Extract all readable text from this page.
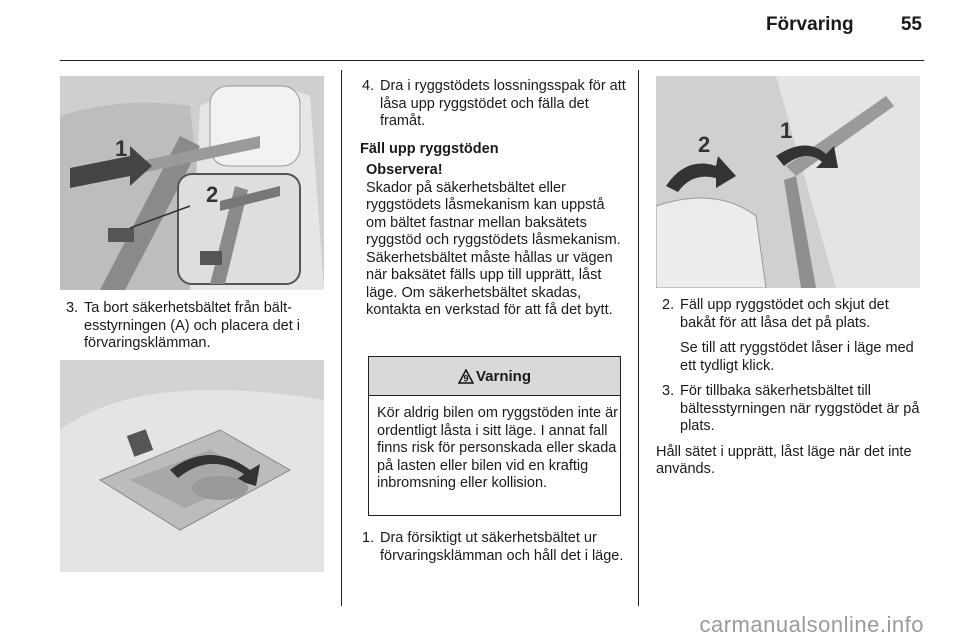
Förvaring 55
1
2
3. Ta bort säkerhetsbältet från bältesstyrningen (A) och placera det i förvaringsklämman.
4. Dra i ryggstödets lossningsspak för att låsa upp ryggstödet och fälla det framåt.
Fäll upp ryggstöden
Observera!
Skador på säkerhetsbältet eller ryggstödets låsmekanism kan uppstå om bältet fastnar mellan baksätets ryggstöd och ryggstödets låsmekanism. Säkerhetsbältet måste hållas ur vägen när baksätet fälls upp till upprätt, låst läge. Om säkerhetsbältet skadas, kontakta en verkstad för att få det bytt.
9 Varning
Kör aldrig bilen om ryggstöden inte är ordentligt låsta i sitt läge. I annat fall finns risk för personskada eller skada på lasten eller bilen vid en kraftig inbromsning eller kollision.
1. Dra försiktigt ut säkerhetsbältet ur förvaringsklämman och håll det i läge.
2
1
2. Fäll upp ryggstödet och skjut det bakåt för att låsa det på plats.
Se till att ryggstödet låser i läge med ett tydligt klick.
3. För tillbaka säkerhetsbältet till bältesstyrningen när ryggstödet är på plats.
Håll sätet i upprätt, låst läge när det inte används.
carmanualsonline.info
